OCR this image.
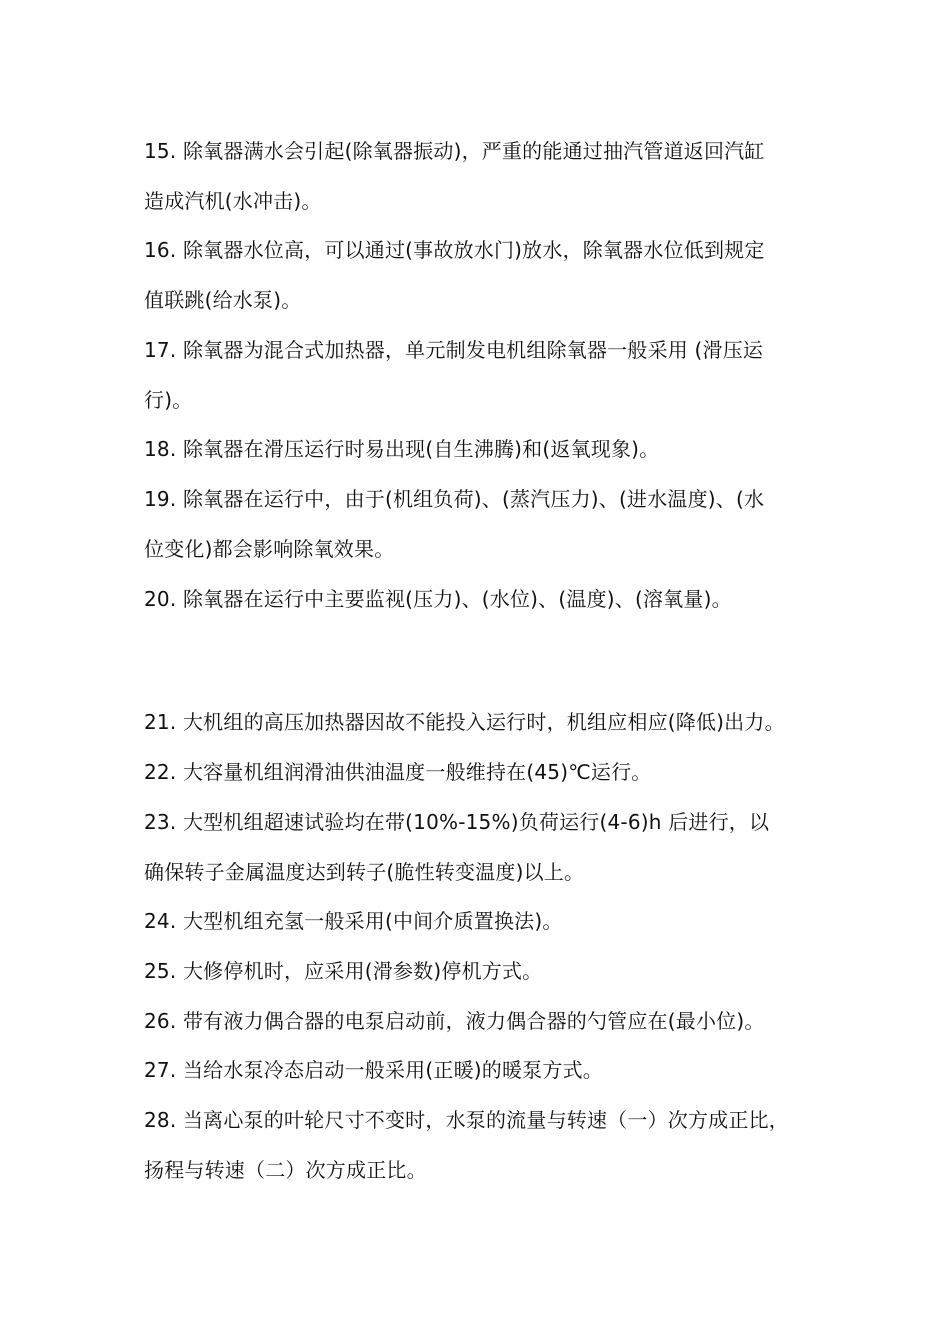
15. 除氧器满水会引起(除氧器振动)，严重的能通过抽汽管道返回汽缸
造成汽机(水冲击)。
16. 除氧器水位高，可以通过(事故放水门)放水，除氧器水位低到规定
值联跳(给水泵)。
17. 除氧器为混合式加热器，单元制发电机组除氧器一般采用 (滑压运
行)。
18. 除氧器在滑压运行时易出现(自生沸腾)和(返氧现象)。
19. 除氧器在运行中，由于(机组负荷)、(蒸汽压力)、(进水温度)、(水
位变化)都会影响除氧效果。
20. 除氧器在运行中主要监视(压力)、(水位)、(温度)、(溶氧量)。
21. 大机组的高压加热器因故不能投入运行时，机组应相应(降低)出力。
22. 大容量机组润滑油供油温度一般维持在(45)℃运行。
23. 大型机组超速试验均在带(10%-15%)负荷运行(4-6)h 后进行，以
确保转子金属温度达到转子(脆性转变温度)以上。
24. 大型机组充氢一般采用(中间介质置换法)。
25. 大修停机时，应采用(滑参数)停机方式。
26. 带有液力偶合器的电泵启动前，液力偶合器的勺管应在(最小位)。
27. 当给水泵冷态启动一般采用(正暖)的暖泵方式。
28. 当离心泵的叶轮尺寸不变时，水泵的流量与转速（一）次方成正比，
扬程与转速（二）次方成正比。
